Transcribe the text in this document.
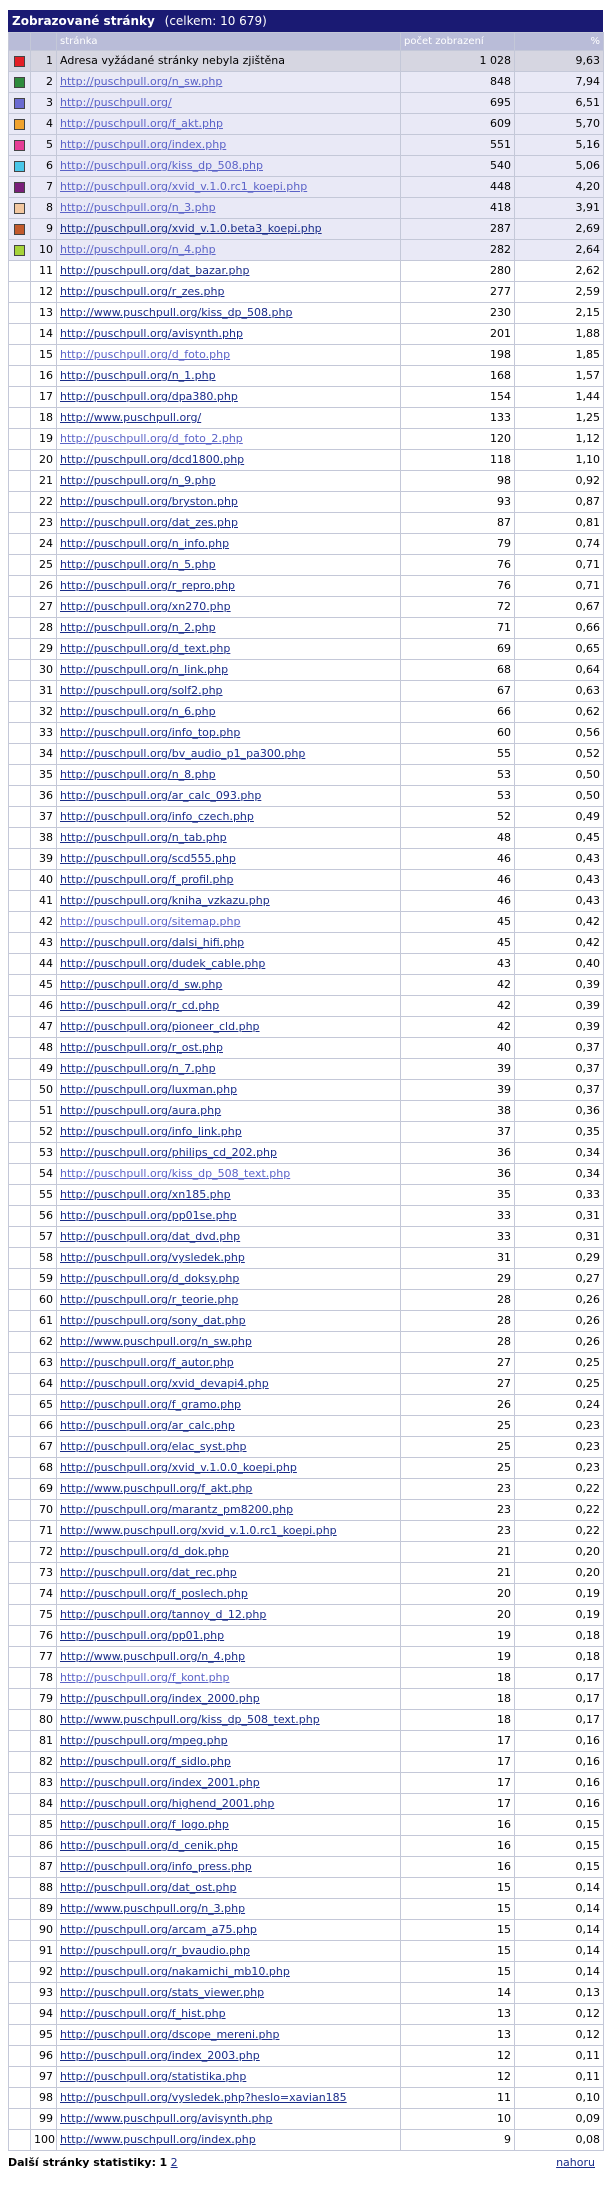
Zobrazované stránky (celkem: 10 679)
		stránka	počet zobrazení	%
	1	Adresa vyžádané stránky nebyla zjištěna	1 028	9,63
	2	http://puschpull.org/n_sw.php	848	7,94
	3	http://puschpull.org/	695	6,51
	4	http://puschpull.org/f_akt.php	609	5,70
	5	http://puschpull.org/index.php	551	5,16
	6	http://puschpull.org/kiss_dp_508.php	540	5,06
	7	http://puschpull.org/xvid_v.1.0.rc1_koepi.php	448	4,20
	8	http://puschpull.org/n_3.php	418	3,91
	9	http://puschpull.org/xvid_v.1.0.beta3_koepi.php	287	2,69
	10	http://puschpull.org/n_4.php	282	2,64
	11	http://puschpull.org/dat_bazar.php	280	2,62
	12	http://puschpull.org/r_zes.php	277	2,59
	13	http://www.puschpull.org/kiss_dp_508.php	230	2,15
	14	http://puschpull.org/avisynth.php	201	1,88
	15	http://puschpull.org/d_foto.php	198	1,85
	16	http://puschpull.org/n_1.php	168	1,57
	17	http://puschpull.org/dpa380.php	154	1,44
	18	http://www.puschpull.org/	133	1,25
	19	http://puschpull.org/d_foto_2.php	120	1,12
	20	http://puschpull.org/dcd1800.php	118	1,10
	21	http://puschpull.org/n_9.php	98	0,92
	22	http://puschpull.org/bryston.php	93	0,87
	23	http://puschpull.org/dat_zes.php	87	0,81
	24	http://puschpull.org/n_info.php	79	0,74
	25	http://puschpull.org/n_5.php	76	0,71
	26	http://puschpull.org/r_repro.php	76	0,71
	27	http://puschpull.org/xn270.php	72	0,67
	28	http://puschpull.org/n_2.php	71	0,66
	29	http://puschpull.org/d_text.php	69	0,65
	30	http://puschpull.org/n_link.php	68	0,64
	31	http://puschpull.org/solf2.php	67	0,63
	32	http://puschpull.org/n_6.php	66	0,62
	33	http://puschpull.org/info_top.php	60	0,56
	34	http://puschpull.org/bv_audio_p1_pa300.php	55	0,52
	35	http://puschpull.org/n_8.php	53	0,50
	36	http://puschpull.org/ar_calc_093.php	53	0,50
	37	http://puschpull.org/info_czech.php	52	0,49
	38	http://puschpull.org/n_tab.php	48	0,45
	39	http://puschpull.org/scd555.php	46	0,43
	40	http://puschpull.org/f_profil.php	46	0,43
	41	http://puschpull.org/kniha_vzkazu.php	46	0,43
	42	http://puschpull.org/sitemap.php	45	0,42
	43	http://puschpull.org/dalsi_hifi.php	45	0,42
	44	http://puschpull.org/dudek_cable.php	43	0,40
	45	http://puschpull.org/d_sw.php	42	0,39
	46	http://puschpull.org/r_cd.php	42	0,39
	47	http://puschpull.org/pioneer_cld.php	42	0,39
	48	http://puschpull.org/r_ost.php	40	0,37
	49	http://puschpull.org/n_7.php	39	0,37
	50	http://puschpull.org/luxman.php	39	0,37
	51	http://puschpull.org/aura.php	38	0,36
	52	http://puschpull.org/info_link.php	37	0,35
	53	http://puschpull.org/philips_cd_202.php	36	0,34
	54	http://puschpull.org/kiss_dp_508_text.php	36	0,34
	55	http://puschpull.org/xn185.php	35	0,33
	56	http://puschpull.org/pp01se.php	33	0,31
	57	http://puschpull.org/dat_dvd.php	33	0,31
	58	http://puschpull.org/vysledek.php	31	0,29
	59	http://puschpull.org/d_doksy.php	29	0,27
	60	http://puschpull.org/r_teorie.php	28	0,26
	61	http://puschpull.org/sony_dat.php	28	0,26
	62	http://www.puschpull.org/n_sw.php	28	0,26
	63	http://puschpull.org/f_autor.php	27	0,25
	64	http://puschpull.org/xvid_devapi4.php	27	0,25
	65	http://puschpull.org/f_gramo.php	26	0,24
	66	http://puschpull.org/ar_calc.php	25	0,23
	67	http://puschpull.org/elac_syst.php	25	0,23
	68	http://puschpull.org/xvid_v.1.0.0_koepi.php	25	0,23
	69	http://www.puschpull.org/f_akt.php	23	0,22
	70	http://puschpull.org/marantz_pm8200.php	23	0,22
	71	http://www.puschpull.org/xvid_v.1.0.rc1_koepi.php	23	0,22
	72	http://puschpull.org/d_dok.php	21	0,20
	73	http://puschpull.org/dat_rec.php	21	0,20
	74	http://puschpull.org/f_poslech.php	20	0,19
	75	http://puschpull.org/tannoy_d_12.php	20	0,19
	76	http://puschpull.org/pp01.php	19	0,18
	77	http://www.puschpull.org/n_4.php	19	0,18
	78	http://puschpull.org/f_kont.php	18	0,17
	79	http://puschpull.org/index_2000.php	18	0,17
	80	http://www.puschpull.org/kiss_dp_508_text.php	18	0,17
	81	http://puschpull.org/mpeg.php	17	0,16
	82	http://puschpull.org/f_sidlo.php	17	0,16
	83	http://puschpull.org/index_2001.php	17	0,16
	84	http://puschpull.org/highend_2001.php	17	0,16
	85	http://puschpull.org/f_logo.php	16	0,15
	86	http://puschpull.org/d_cenik.php	16	0,15
	87	http://puschpull.org/info_press.php	16	0,15
	88	http://puschpull.org/dat_ost.php	15	0,14
	89	http://www.puschpull.org/n_3.php	15	0,14
	90	http://puschpull.org/arcam_a75.php	15	0,14
	91	http://puschpull.org/r_bvaudio.php	15	0,14
	92	http://puschpull.org/nakamichi_mb10.php	15	0,14
	93	http://puschpull.org/stats_viewer.php	14	0,13
	94	http://puschpull.org/f_hist.php	13	0,12
	95	http://puschpull.org/dscope_mereni.php	13	0,12
	96	http://puschpull.org/index_2003.php	12	0,11
	97	http://puschpull.org/statistika.php	12	0,11
	98	http://puschpull.org/vysledek.php?heslo=xavian185	11	0,10
	99	http://www.puschpull.org/avisynth.php	10	0,09
	100	http://www.puschpull.org/index.php	9	0,08
Další stránky statistiky: 1 2	nahoru
